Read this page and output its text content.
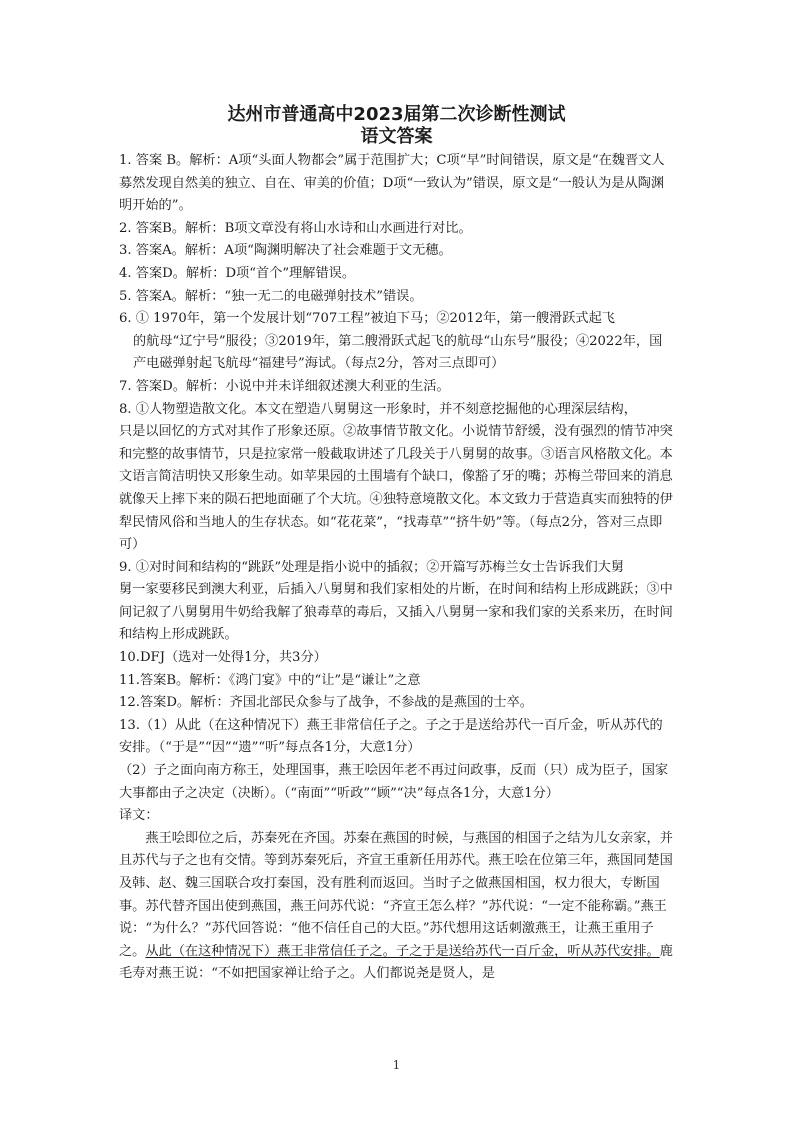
达州市普通高中2023届第二次诊断性测试
语文答案

1. 答案 B。解析：A项“头面人物都会”属于范围扩大；C项“早”时间错误，原文是“在魏晋文人募然发现自然美的独立、自在、审美的价值；D项“一致认为”错误，原文是“一般认为是从陶渊明开始的”。

2. 答案B。解析：B项文章没有将山水诗和山水画进行对比。

3. 答案A。解析：A项“陶渊明解决了社会难题于文无穗。

4. 答案D。解析：D项“首个”理解错误。

5. 答案A。解析：“独一无二的电磁弹射技术”错误。

6. ① 1970年，第一个发展计划“707工程”被迫下马；②2012年，第一艘滑跃式起飞

的航母“辽宁号”服役；③2019年，第二艘滑跃式起飞的航母“山东号”服役；④2022年，国产电磁弹射起飞航母“福建号”海试。（每点2分，答对三点即可）

7. 答案D。解析：小说中并未详细叙述澳大利亚的生活。

8. ①人物塑造散文化。本文在塑造八舅舅这一形象时，并不刻意挖掘他的心理深层结构，

只是以回忆的方式对其作了形象还原。②故事情节散文化。小说情节舒缓，没有强烈的情节冲突和完整的故事情节，只是拉家常一般截取讲述了几段关于八舅舅的故事。③语言风格散文化。本文语言简洁明快又形象生动。如苹果园的土围墙有个缺口，像豁了牙的嘴；苏梅兰带回来的消息就像天上摔下来的陨石把地面砸了个大坑。④独特意境散文化。本文致力于营造真实而独特的伊犁民情风俗和当地人的生存状态。如“花花菜”，“找毒草”“挤牛奶”等。（每点2分，答对三点即可）

9. ①对时间和结构的“跳跃”处理是指小说中的插叙；②开篇写苏梅兰女士告诉我们大舅

舅一家要移民到澳大利亚，后插入八舅舅和我们家相处的片断，在时间和结构上形成跳跃；③中间记叙了八舅舅用牛奶给我解了狼毒草的毒后，又插入八舅舅一家和我们家的关系来历，在时间和结构上形成跳跃。

10.DFJ（选对一处得1分，共3分）

11.答案B。解析：《鸿门宴》中的“让”是“谦让”之意

12.答案D。解析：齐国北部民众参与了战争，不参战的是燕国的士卒。

13.（1）从此（在这种情况下）燕王非常信任子之。子之于是送给苏代一百斤金，听从苏代的安排。（“于是”“因”“遗”“听”每点各1分，大意1分）

（2）子之面向南方称王，处理国事，燕王哙因年老不再过问政事，反而（只）成为臣子，国家大事都由子之决定（决断）。（“南面”“听政”“顾”“决”每点各1分，大意1分）

译文：

燕王哙即位之后，苏秦死在齐国。苏秦在燕国的时候，与燕国的相国子之结为儿女亲家，并且苏代与子之也有交情。等到苏秦死后，齐宣王重新任用苏代。燕王哙在位第三年，燕国同楚国及韩、赵、魏三国联合攻打秦国，没有胜利而返回。当时子之做燕国相国，权力很大，专断国事。苏代替齐国出使到燕国，燕王问苏代说：“齐宣王怎么样？”苏代说：“一定不能称霸。”燕王说：“为什么？”苏代回答说：“他不信任自己的大臣。”苏代想用这话刺激燕王，让燕王重用子之。从此（在这种情况下）燕王非常信任子之。子之于是送给苏代一百斤金，听从苏代安排。鹿毛寿对燕王说：“不如把国家禅让给子之。人们都说尧是贤人，是

1
